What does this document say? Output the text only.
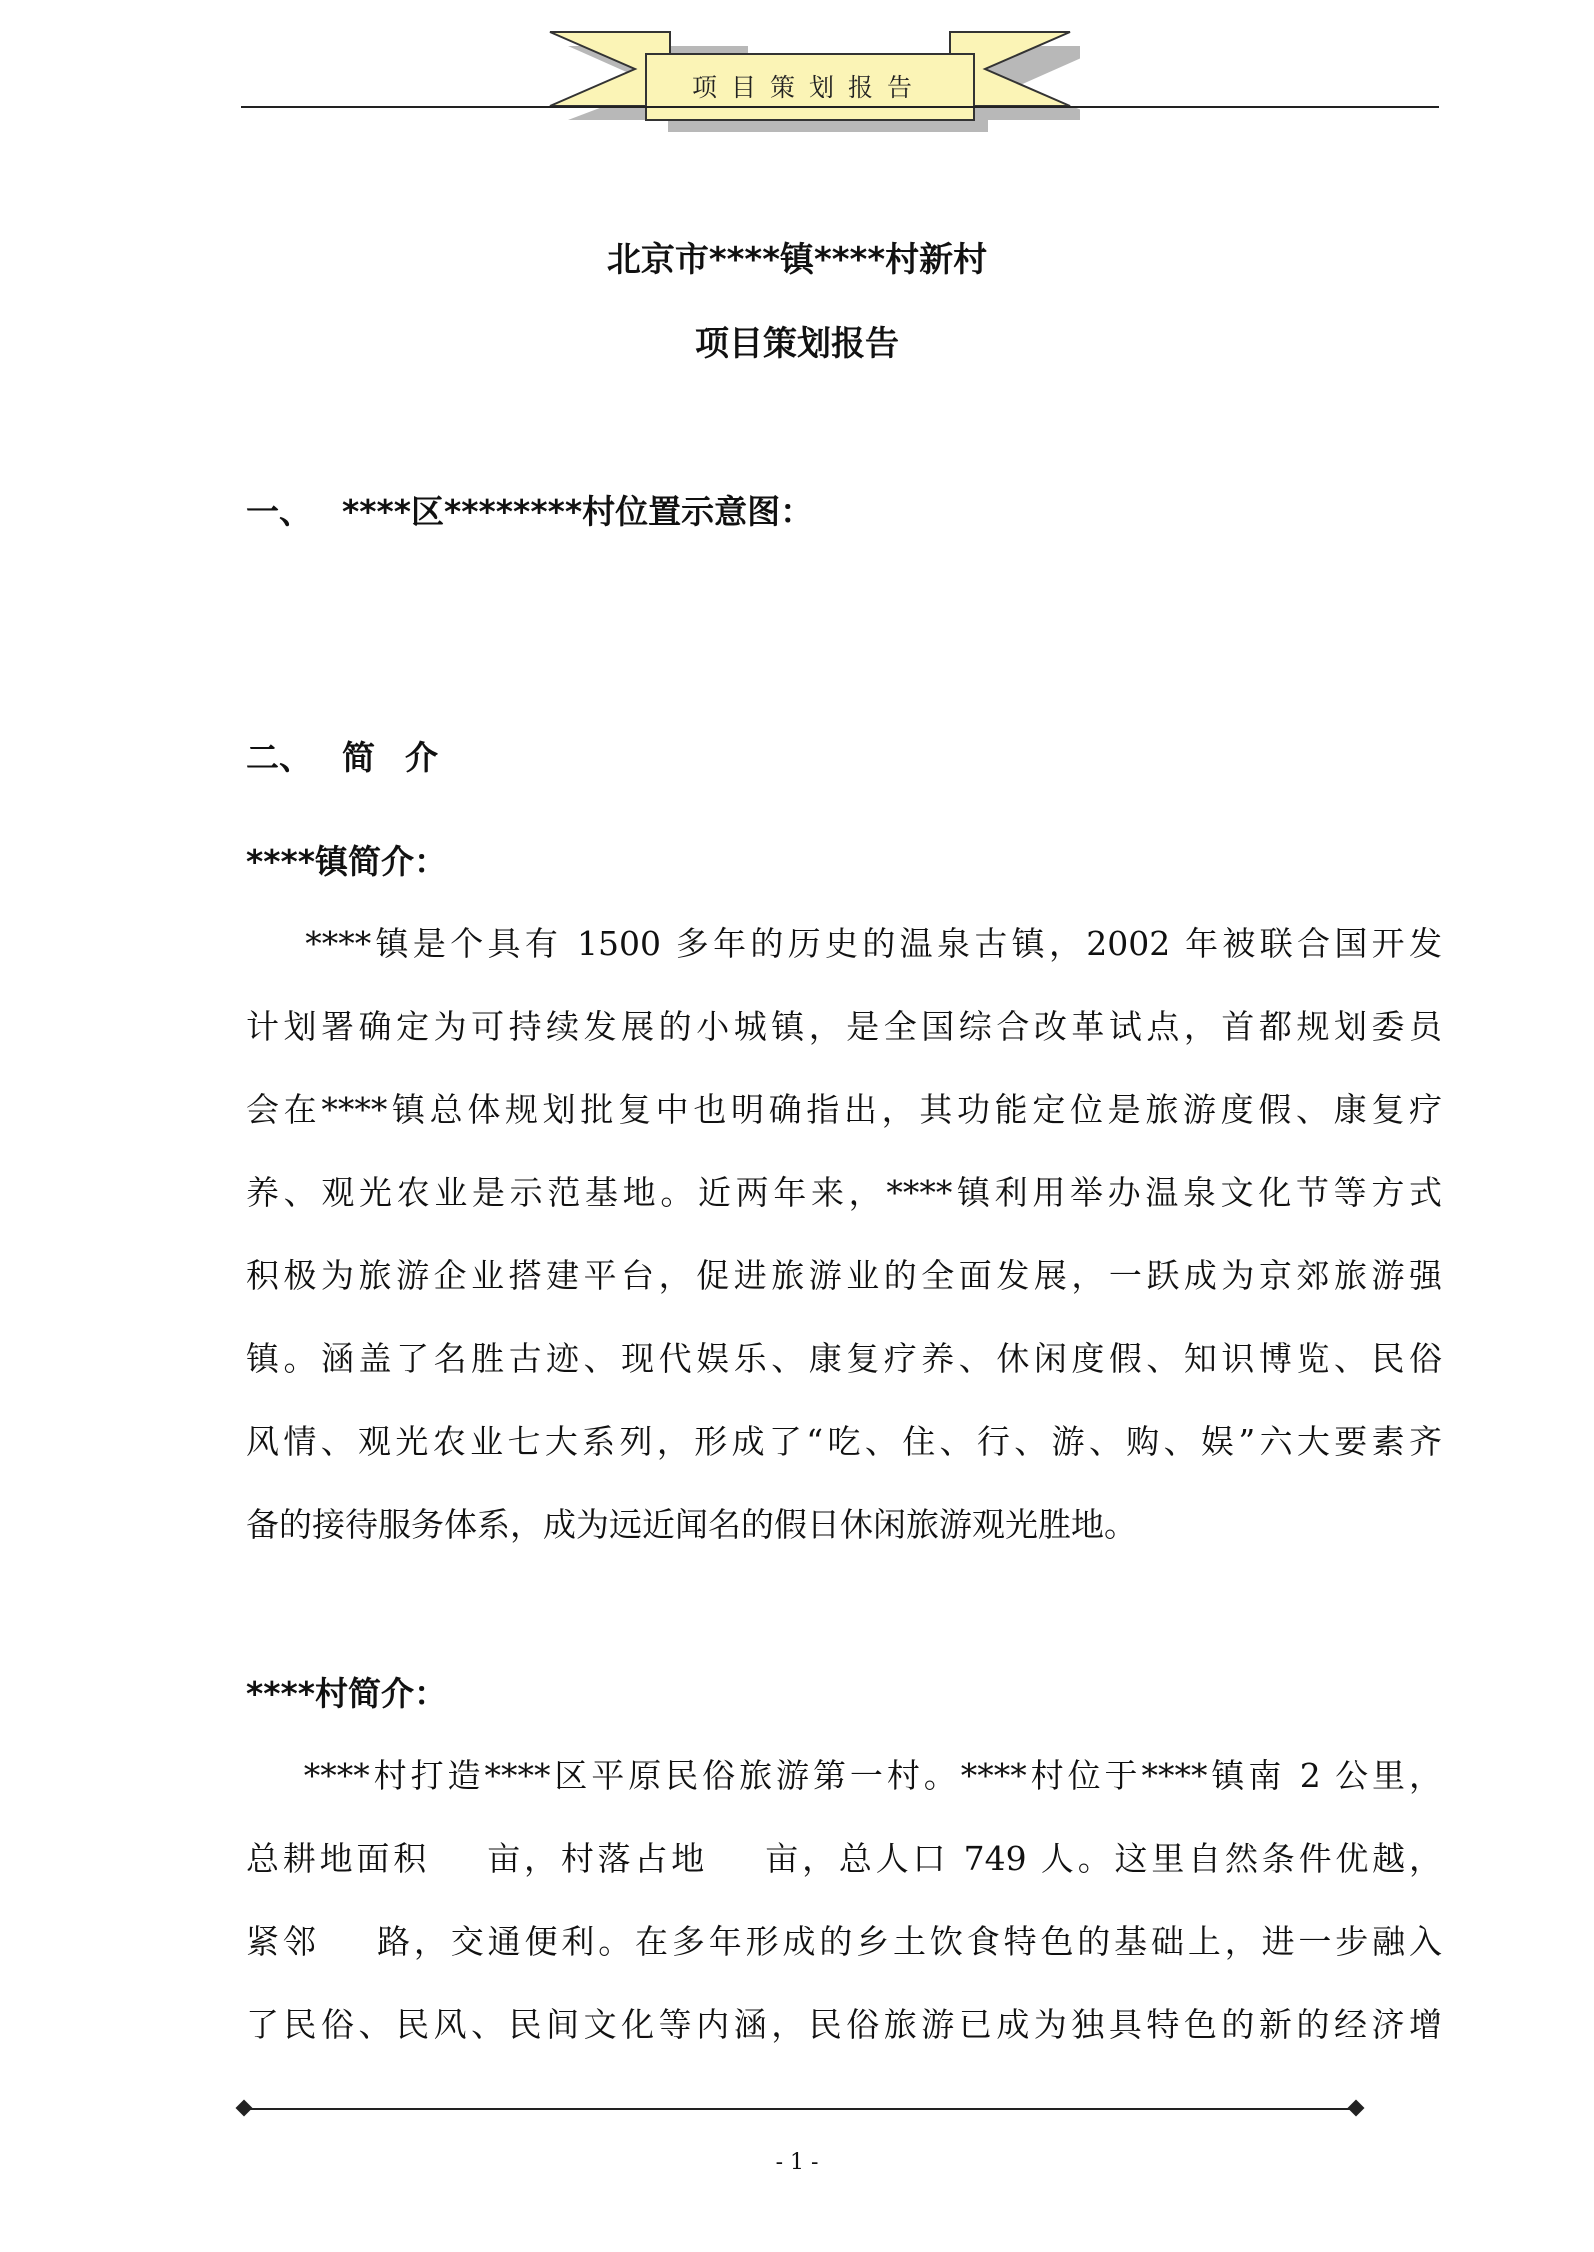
项目策划报告
北京市****镇****村新村
项目策划报告
一、 ****区********村位置示意图：
二、 简介
****镇简介：
****镇是个具有 1500 多年的历史的温泉古镇，2002 年被联合国开发
计划署确定为可持续发展的小城镇，是全国综合改革试点，首都规划委员
会在****镇总体规划批复中也明确指出，其功能定位是旅游度假、康复疗
养、观光农业是示范基地。近两年来，****镇利用举办温泉文化节等方式
积极为旅游企业搭建平台，促进旅游业的全面发展，一跃成为京郊旅游强
镇。涵盖了名胜古迹、现代娱乐、康复疗养、休闲度假、知识博览、民俗
风情、观光农业七大系列，形成了“吃、住、行、游、购、娱”六大要素齐
备的接待服务体系，成为远近闻名的假日休闲旅游观光胜地。
****村简介：
****村打造****区平原民俗旅游第一村。****村位于****镇南 2 公里，
总耕地面积    亩，村落占地    亩，总人口 749 人。这里自然条件优越，
紧邻    路，交通便利。在多年形成的乡土饮食特色的基础上，进一步融入
了民俗、民风、民间文化等内涵，民俗旅游已成为独具特色的新的经济增
- 1 -
